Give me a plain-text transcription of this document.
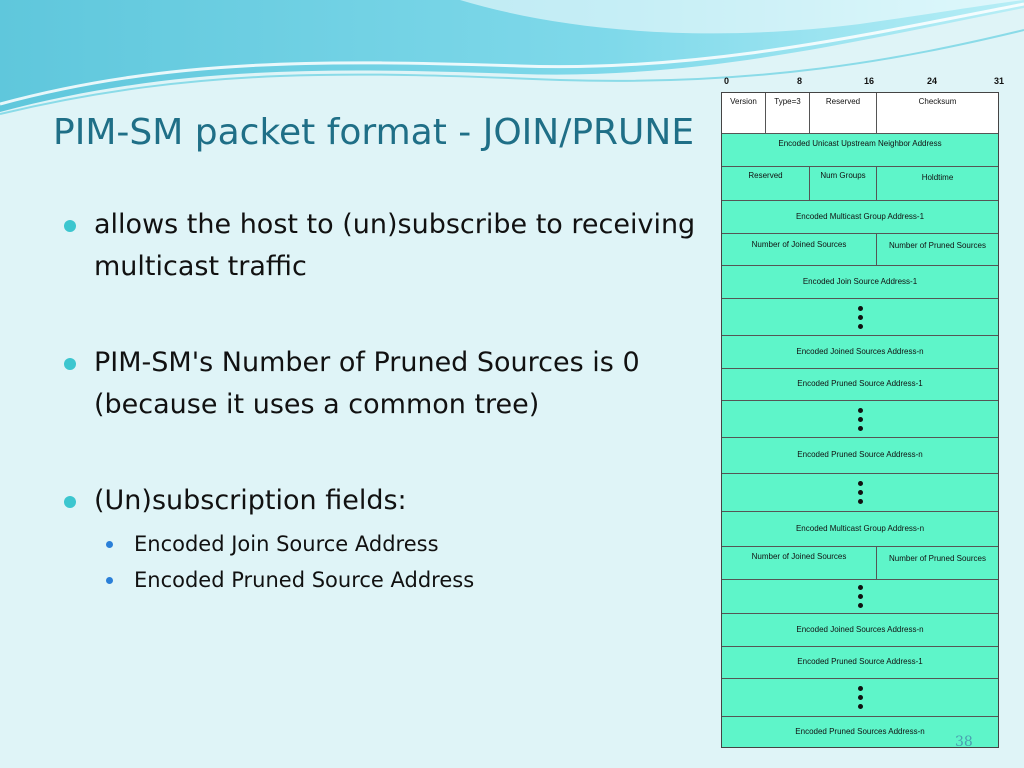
PIM-SM packet format - JOIN/PRUNE
allows the host to (un)subscribe to receiving multicast traffic
PIM-SM's Number of Pruned Sources is 0 (because it uses a common tree)
(Un)subscription fields:
Encoded Join Source Address
Encoded Pruned Source Address
0	8	16	24	31
Version	Type=3	Reserved	Checksum
Encoded Unicast Upstream Neighbor Address
Reserved	Num Groups	Holdtime
Encoded Multicast Group Address-1
Number of Joined Sources	Number of Pruned Sources
Encoded Join Source Address-1
Encoded Joined Sources Address-n
Encoded Pruned Source Address-1
Encoded Pruned Source Address-n
Encoded Multicast Group Address-n
Number of Joined Sources	Number of Pruned Sources
Encoded Joined Sources Address-n
Encoded Pruned Source Address-1
Encoded Pruned Sources Address-n
38
